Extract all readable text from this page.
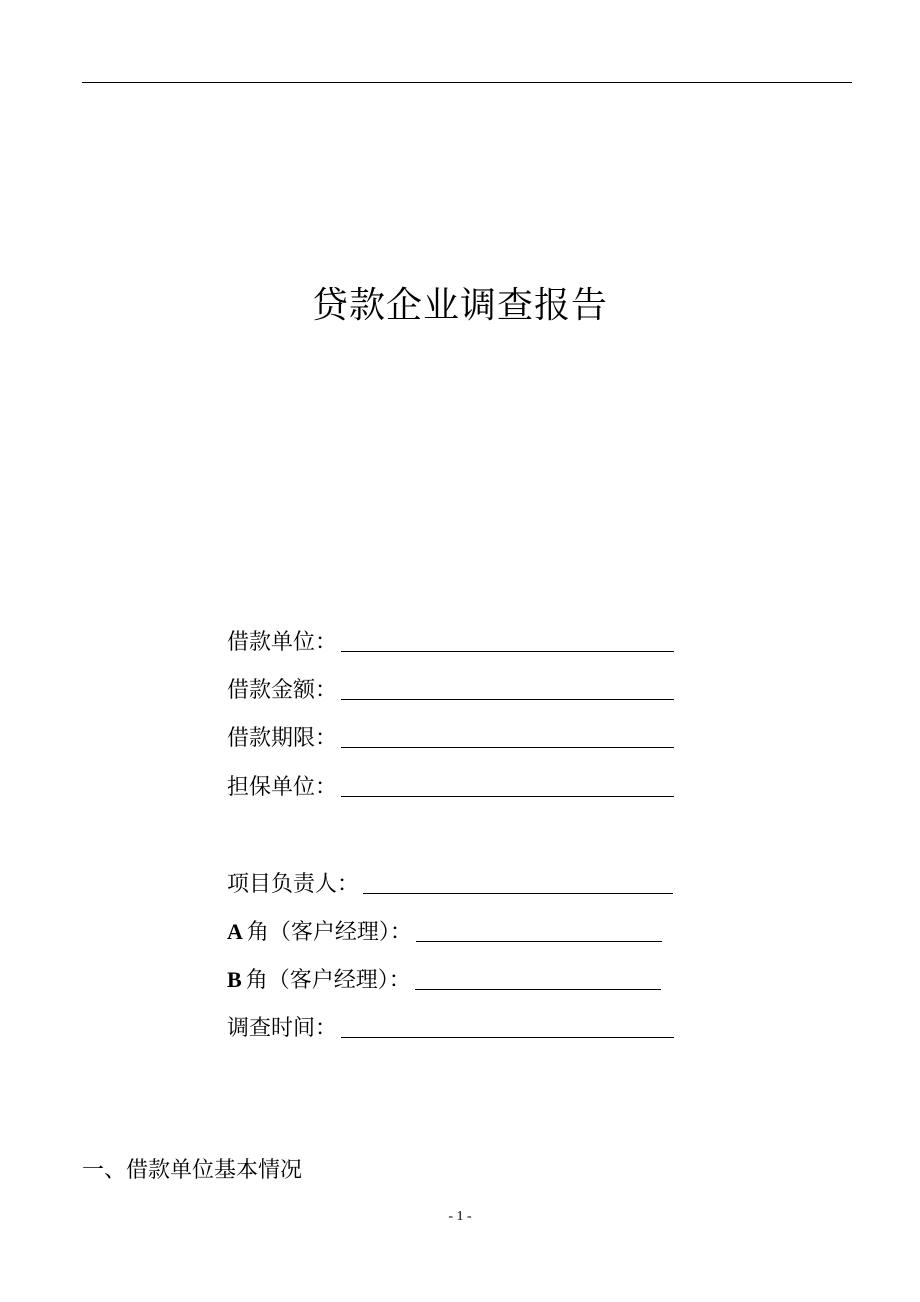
贷款企业调查报告
借款单位：
借款金额：
借款期限：
担保单位：
项目负责人：
A 角（客户经理）：
B 角（客户经理）：
调查时间：
一、借款单位基本情况
- 1 -
